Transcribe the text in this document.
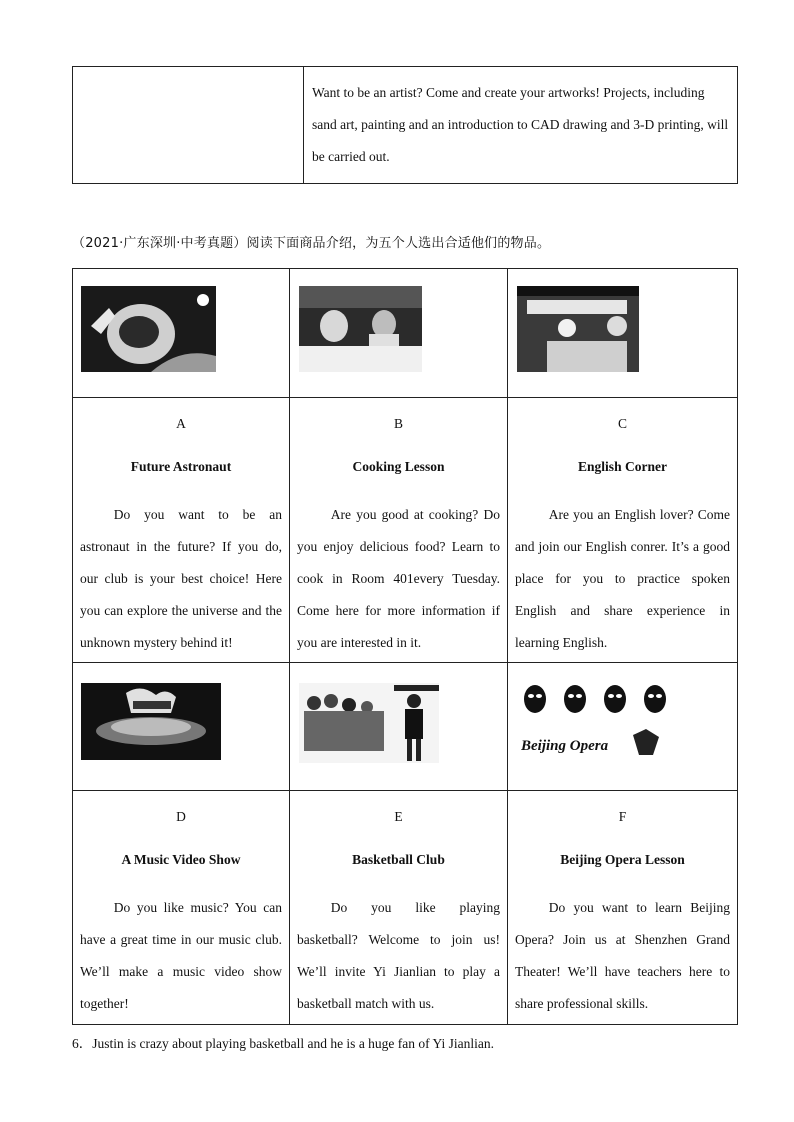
Want to be an artist? Come and create your artworks! Projects, including sand art, painting and an introduction to CAD drawing and 3-D printing, will be carried out.
（2021·广东深圳·中考真题）阅读下面商品介绍，为五个人选出合适他们的物品。
A
Future Astronaut
Do you want to be an astronaut in the future? If you do, our club is your best choice! Here you can explore the universe and the unknown mystery behind it!
B
Cooking Lesson
Are you good at cooking? Do you enjoy delicious food? Learn to cook in Room 401every Tuesday. Come here for more information if you are interested in it.
C
English Corner
Are you an English lover? Come and join our English conrer. It’s a good place for you to practice spoken English and share experience in learning English.
Beijing Opera
D
A Music Video Show
Do you like music? You can have a great time in our music club. We’ll make a music video show together!
E
Basketball Club
Do you like playing basketball? Welcome to join us! We’ll invite Yi Jianlian to play a basketball match with us.
F
Beijing Opera Lesson
Do you want to learn Beijing Opera? Join us at Shenzhen Grand Theater! We’ll have teachers here to share professional skills.
6．Justin is crazy about playing basketball and he is a huge fan of Yi Jianlian.
